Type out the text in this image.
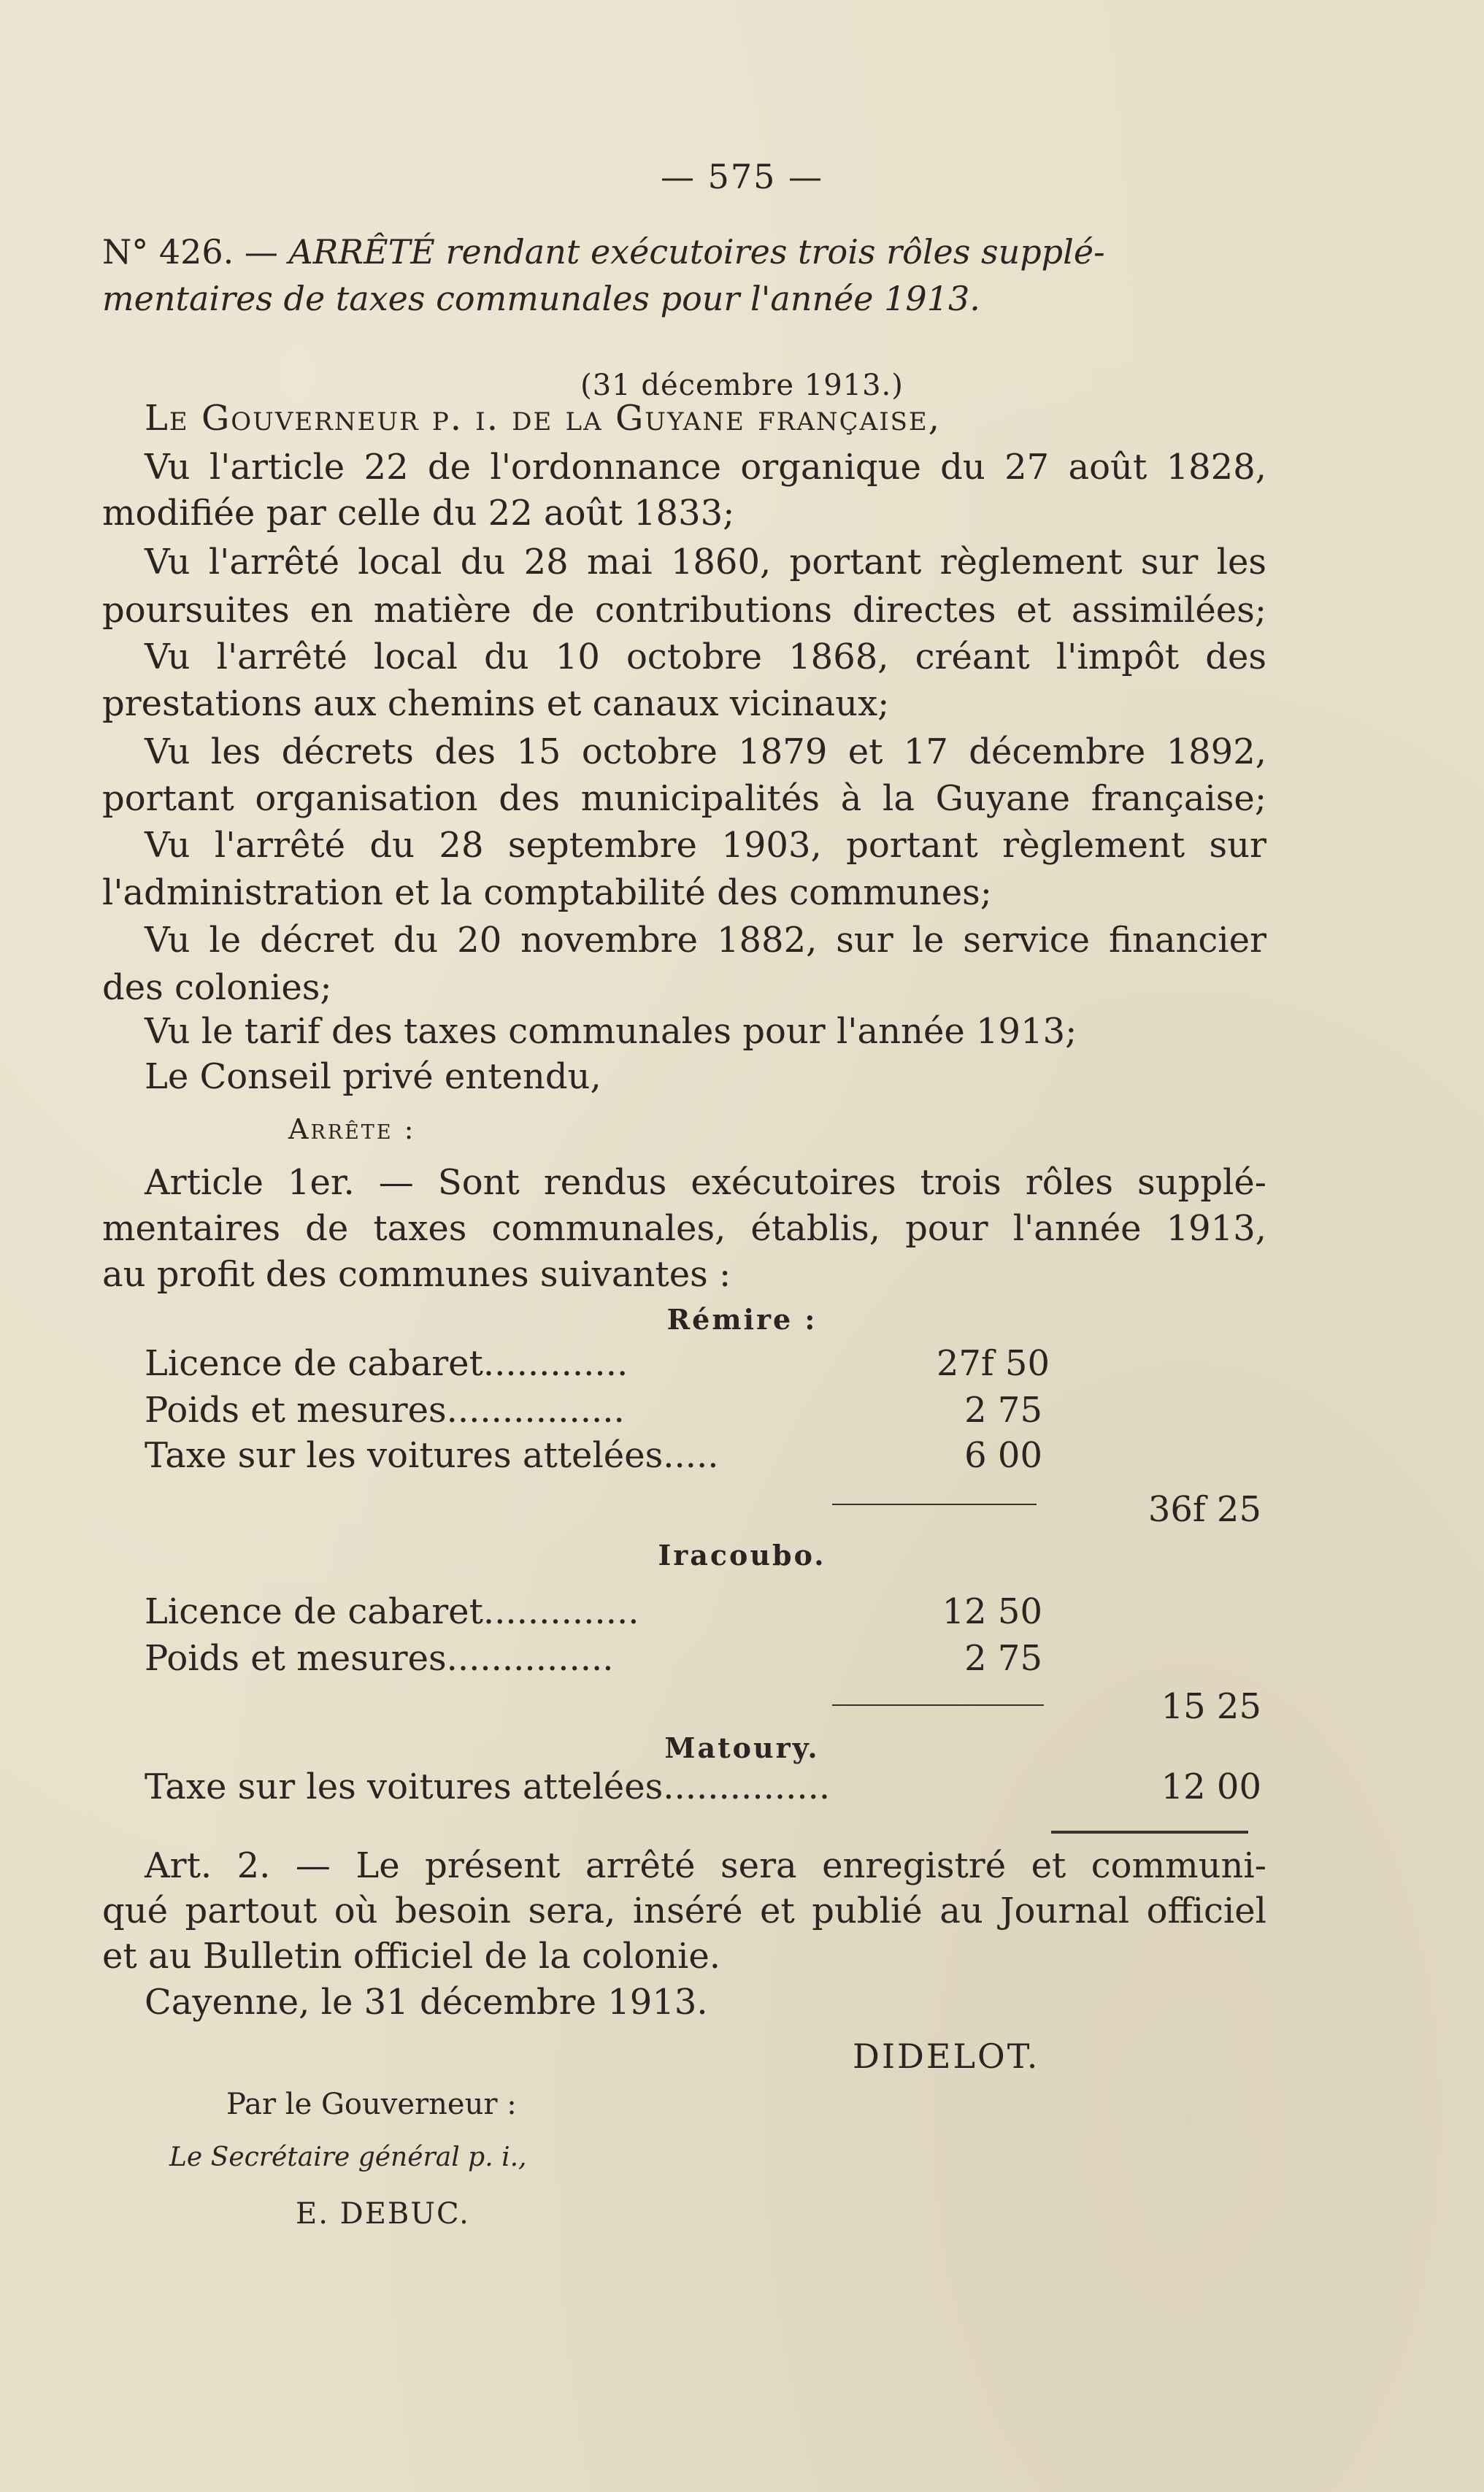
— 575 —
N° 426. — ARRÊTÉ rendant exécutoires trois rôles supplé-
mentaires de taxes communales pour l'année 1913.
(31 décembre 1913.)
Le Gouverneur p. i. de la Guyane française,
Vu l'article 22 de l'ordonnance organique du 27 août 1828,
modifiée par celle du 22 août 1833;
Vu l'arrêté local du 28 mai 1860, portant règlement sur les
poursuites en matière de contributions directes et assimilées;
Vu l'arrêté local du 10 octobre 1868, créant l'impôt des
prestations aux chemins et canaux vicinaux;
Vu les décrets des 15 octobre 1879 et 17 décembre 1892,
portant organisation des municipalités à la Guyane française;
Vu l'arrêté du 28 septembre 1903, portant règlement sur
l'administration et la comptabilité des communes;
Vu le décret du 20 novembre 1882, sur le service financier
des colonies;
Vu le tarif des taxes communales pour l'année 1913;
Le Conseil privé entendu,
Arrête :
Article 1er. — Sont rendus exécutoires trois rôles supplé-
mentaires de taxes communales, établis, pour l'année 1913,
au profit des communes suivantes :
Rémire :
Licence de cabaret.............	27f 50
Poids et mesures................	2 75
Taxe sur les voitures attelées.....	6 00
36f 25
Iracoubo.
Licence de cabaret..............	12 50
Poids et mesures...............	2 75
15 25
Matoury.
Taxe sur les voitures attelées...............	12 00
Art. 2. — Le présent arrêté sera enregistré et communi-
qué partout où besoin sera, inséré et publié au Journal officiel
et au Bulletin officiel de la colonie.
Cayenne, le 31 décembre 1913.
DIDELOT.
Par le Gouverneur :
Le Secrétaire général p. i.,
E. DEBUC.
